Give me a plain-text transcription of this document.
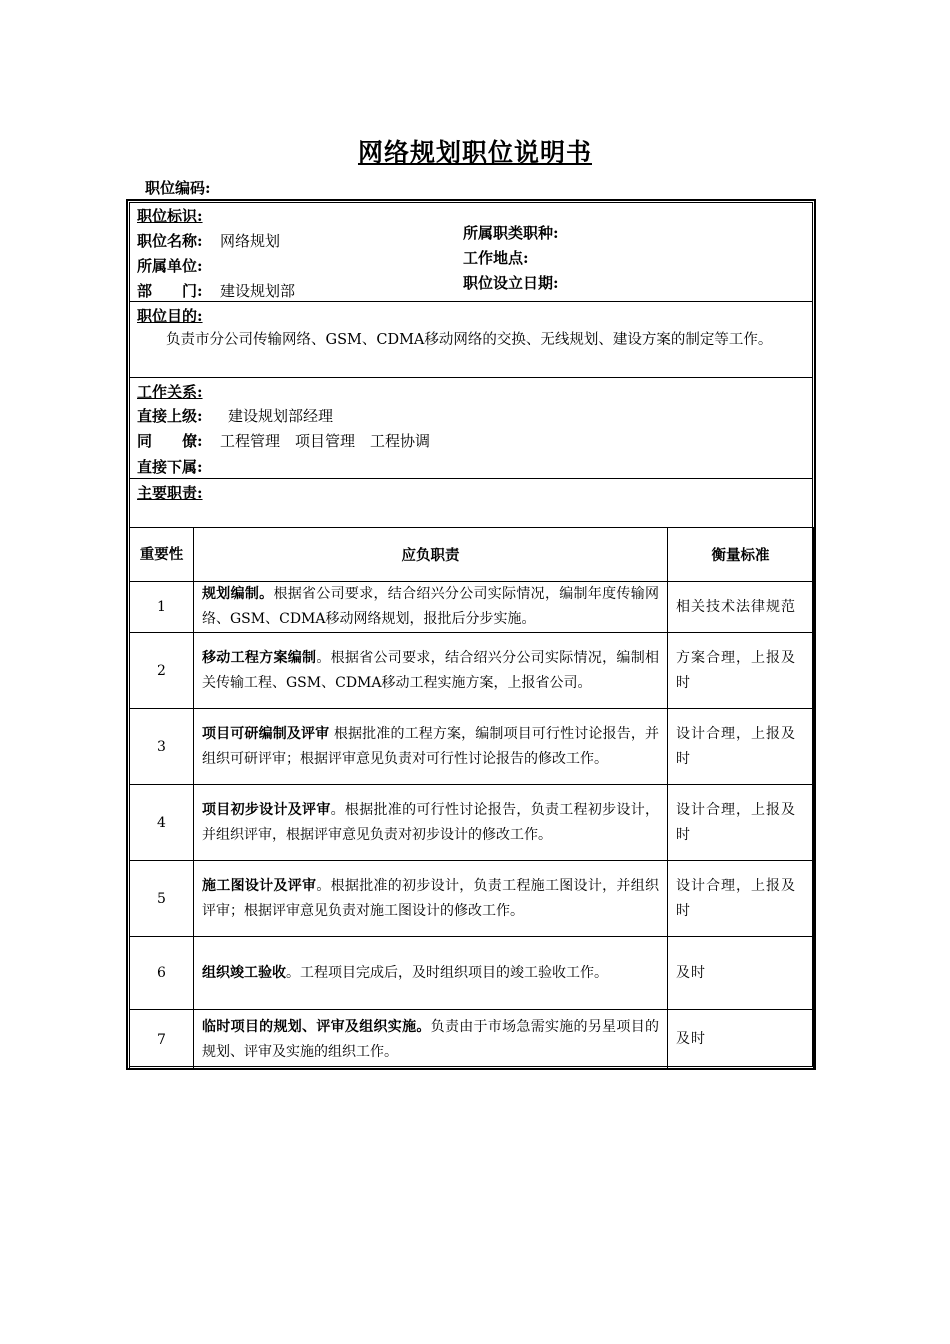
网络规划职位说明书
职位编码:
职位标识:
职位名称: 网络规划
所属单位:
部　　门: 建设规划部
所属职类职种:
工作地点:
职位设立日期:
职位目的:
负责市分公司传输网络、GSM、CDMA移动网络的交换、无线规划、建设方案的制定等工作。
工作关系:
直接上级: 建设规划部经理
同　　僚: 工程管理　项目管理　工程协调
直接下属:
主要职责:
重要性	应负职责	衡量标准
1	规划编制。根据省公司要求，结合绍兴分公司实际情况，编制年度传输网络、GSM、CDMA移动网络规划，报批后分步实施。	相关技术法律规范
2	移动工程方案编制。根据省公司要求，结合绍兴分公司实际情况，编制相关传输工程、GSM、CDMA移动工程实施方案，上报省公司。	方案合理，上报及时
3	项目可研编制及评审 根据批准的工程方案，编制项目可行性讨论报告，并组织可研评审；根据评审意见负责对可行性讨论报告的修改工作。	设计合理，上报及时
4	项目初步设计及评审。根据批准的可行性讨论报告，负责工程初步设计，并组织评审，根据评审意见负责对初步设计的修改工作。	设计合理，上报及时
5	施工图设计及评审。根据批准的初步设计，负责工程施工图设计，并组织评审；根据评审意见负责对施工图设计的修改工作。	设计合理，上报及时
6	组织竣工验收。工程项目完成后，及时组织项目的竣工验收工作。	及时
7	临时项目的规划、评审及组织实施。负责由于市场急需实施的另星项目的规划、评审及实施的组织工作。	及时
